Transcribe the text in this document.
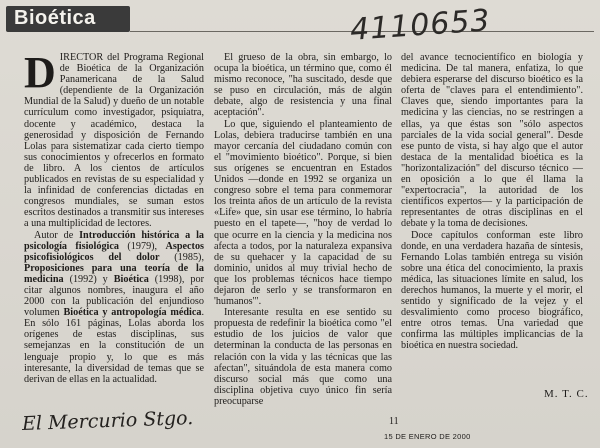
Bioética	4110653

DIRECTOR del Programa Regional de Bioética de la Organización Panamericana de la Salud (dependiente de la Organización Mundial de la Salud) y dueño de un notable currículum como investigador, psiquiatra, docente y académico, destaca la generosidad y disposición de Fernando Lolas para sistematizar cada cierto tiempo sus conocimientos y ofrecerlos en formato de libro. A los cientos de artículos publicados en revistas de su especialidad y la infinidad de conferencias dictadas en congresos mundiales, se suman estos escritos destinados a transmitir sus intereses a una multiplicidad de lectores.

Autor de Introducción histórica a la psicología fisiológica (1979), Aspectos psicofisiológicos del dolor (1985), Proposiciones para una teoría de la medicina (1992) y Bioética (1998), por citar algunos nombres, inaugura el año 2000 con la publicación del enjundioso volumen Bioética y antropología médica. En sólo 161 páginas, Lolas aborda los orígenes de estas disciplinas, sus semejanzas en la constitución de un lenguaje propio y, lo que es más interesante, la diversidad de temas que se derivan de ellas en la actualidad.

El grueso de la obra, sin embargo, lo ocupa la bioética, un término que, como él mismo reconoce, "ha suscitado, desde que se puso en circulación, más de algún debate, algo de resistencia y una final aceptación".

Lo que, siguiendo el planteamiento de Lolas, debiera traducirse también en una mayor cercanía del ciudadano común con el "movimiento bioético". Porque, si bien sus orígenes se encuentran en Estados Unidos —donde en 1992 se organiza un congreso sobre el tema para conmemorar los treinta años de un artículo de la revista «Life» que, sin usar ese término, lo habría puesto en el tapete—, "hoy de verdad lo que ocurre en la ciencia y la medicina nos afecta a todos, por la naturaleza expansiva de su quehacer y la capacidad de su dominio, unidos al muy trivial hecho de que los problemas técnicos hace tiempo dejaron de serlo y se transformaron en 'humanos'".

Interesante resulta en ese sentido su propuesta de redefinir la bioética como "el estudio de los juicios de valor que determinan la conducta de las personas en relación con la vida y las técnicas que las afectan", situándola de esta manera como discurso social más que como una disciplina objetiva cuyo único fin sería preocuparse

del avance tecnocientífico en biología y medicina. De tal manera, enfatiza, lo que debiera esperarse del discurso bioético es la oferta de "claves para el entendimiento". Claves que, siendo importantes para la medicina y las ciencias, no se restringen a ellas, ya que éstas son "sólo aspectos parciales de la vida social general". Desde ese punto de vista, si hay algo que el autor destaca de la mentalidad bioética es la "horizontalización" del discurso técnico —en oposición a lo que él llama la "expertocracia", la autoridad de los científicos expertos— y la participación de representantes de otras disciplinas en el debate y la toma de decisiones.

Doce capítulos conforman este libro donde, en una verdadera hazaña de síntesis, Fernando Lolas también entrega su visión sobre una ética del conocimiento, la praxis médica, las situaciones límite en salud, los derechos humanos, la muerte y el morir, el sentido y significado de la vejez y el desvalimiento como proceso biográfico, entre otros temas. Una variedad que confirma las múltiples implicancias de la bioética en nuestra sociedad.

M. T. C.
El Mercurio Stgo.	11
15 DE ENERO DE 2000
